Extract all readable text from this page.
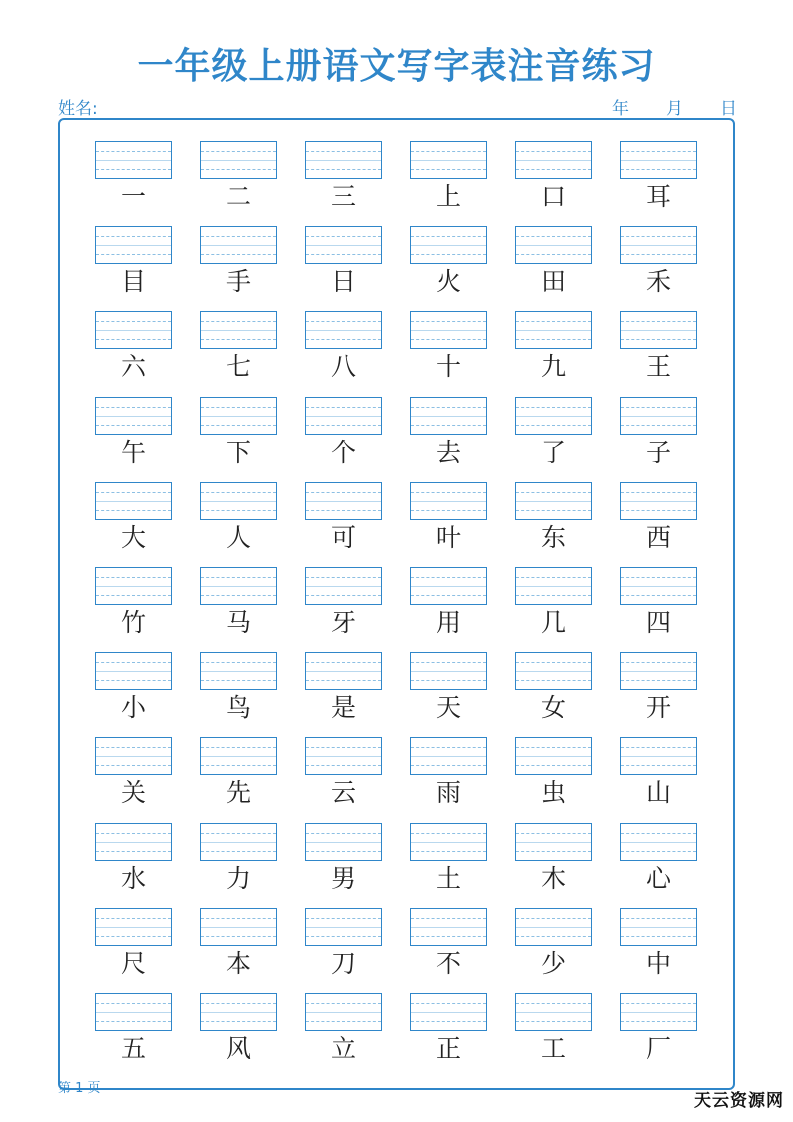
一年级上册语文写字表注音练习
姓名:	年 月 日
一	二	三	上	口	耳
目	手	日	火	田	禾
六	七	八	十	九	王
午	下	个	去	了	子
大	人	可	叶	东	西
竹	马	牙	用	几	四
小	鸟	是	天	女	开
关	先	云	雨	虫	山
水	力	男	土	木	心
尺	本	刀	不	少	中
五	风	立	正	工	厂
第 1 页
天云资源网
